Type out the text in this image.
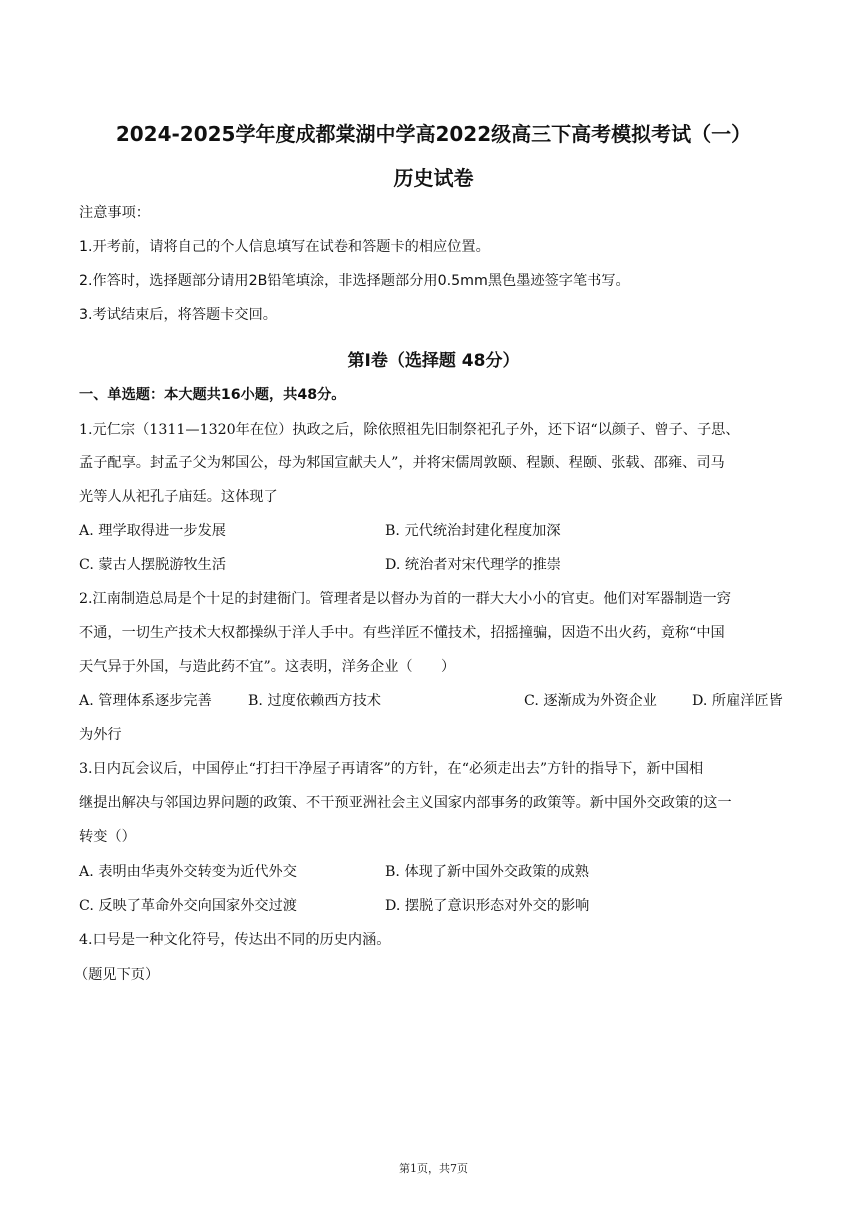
2024-2025学年度成都棠湖中学高2022级高三下高考模拟考试（一）
历史试卷
注意事项：
1.开考前，请将自己的个人信息填写在试卷和答题卡的相应位置。
2.作答时，选择题部分请用2B铅笔填涂，非选择题部分用0.5mm黑色墨迹签字笔书写。
3.考试结束后，将答题卡交回。
第Ⅰ卷（选择题 48分）
一、单选题：本大题共16小题，共48分。
1.元仁宗（1311—1320年在位）执政之后，除依照祖先旧制祭祀孔子外，还下诏“以颜子、曾子、子思、
孟子配享。封孟子父为邾国公，母为邾国宣献夫人”，并将宋儒周敦颐、程颢、程颐、张载、邵雍、司马
光等人从祀孔子庙廷。这体现了
A. 理学取得进一步发展	B. 元代统治封建化程度加深
C. 蒙古人摆脱游牧生活	D. 统治者对宋代理学的推崇
2.江南制造总局是个十足的封建衙门。管理者是以督办为首的一群大大小小的官吏。他们对军器制造一窍
不通，一切生产技术大权都操纵于洋人手中。有些洋匠不懂技术，招摇撞骗，因造不出火药，竟称“中国
天气异于外国，与造此药不宜”。这表明，洋务企业（　　）
A. 管理体系逐步完善	B. 过度依赖西方技术	C. 逐渐成为外资企业 D. 所雇洋匠皆
为外行
3.日内瓦会议后，中国停止“打扫干净屋子再请客”的方针，在“必须走出去”方针的指导下，新中国相
继提出解决与邻国边界问题的政策、不干预亚洲社会主义国家内部事务的政策等。新中国外交政策的这一
转变（）
A. 表明由华夷外交转变为近代外交	B. 体现了新中国外交政策的成熟
C. 反映了革命外交向国家外交过渡	D. 摆脱了意识形态对外交的影响
4.口号是一种文化符号，传达出不同的历史内涵。
（题见下页）
第1页，共7页
